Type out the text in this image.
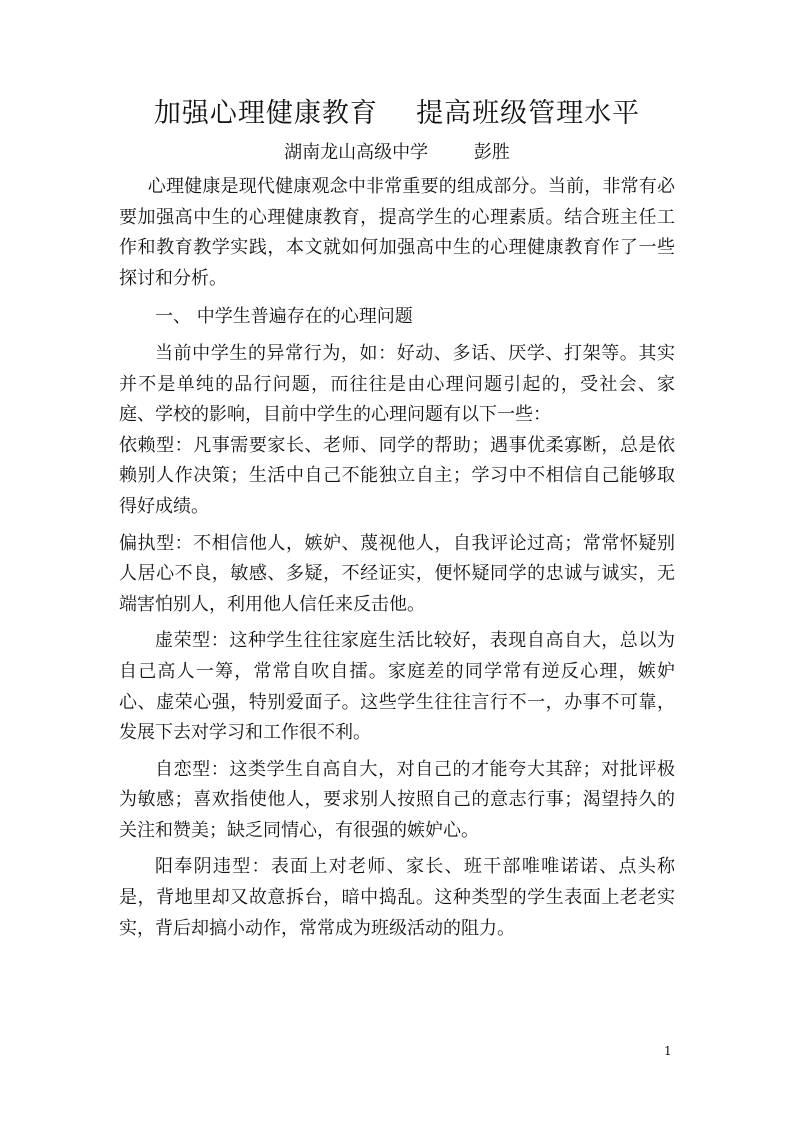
加强心理健康教育    提高班级管理水平
湖南龙山高级中学        彭胜

心理健康是现代健康观念中非常重要的组成部分。当前，非常有必要加强高中生的心理健康教育，提高学生的心理素质。结合班主任工作和教育教学实践，本文就如何加强高中生的心理健康教育作了一些探讨和分析。

一、 中学生普遍存在的心理问题

当前中学生的异常行为，如：好动、多话、厌学、打架等。其实并不是单纯的品行问题，而往往是由心理问题引起的，受社会、家庭、学校的影响，目前中学生的心理问题有以下一些：

依赖型：凡事需要家长、老师、同学的帮助；遇事优柔寡断，总是依赖别人作决策；生活中自己不能独立自主；学习中不相信自己能够取得好成绩。

偏执型：不相信他人，嫉妒、蔑视他人，自我评论过高；常常怀疑别人居心不良，敏感、多疑，不经证实，便怀疑同学的忠诚与诚实，无端害怕别人，利用他人信任来反击他。

虚荣型：这种学生往往家庭生活比较好，表现自高自大，总以为自己高人一筹，常常自吹自擂。家庭差的同学常有逆反心理，嫉妒心、虚荣心强，特别爱面子。这些学生往往言行不一，办事不可靠，发展下去对学习和工作很不利。

自恋型：这类学生自高自大，对自己的才能夸大其辞；对批评极为敏感；喜欢指使他人，要求别人按照自己的意志行事；渴望持久的关注和赞美；缺乏同情心，有很强的嫉妒心。

阳奉阴违型：表面上对老师、家长、班干部唯唯诺诺、点头称是，背地里却又故意拆台，暗中捣乱。这种类型的学生表面上老老实实，背后却搞小动作，常常成为班级活动的阻力。

1
